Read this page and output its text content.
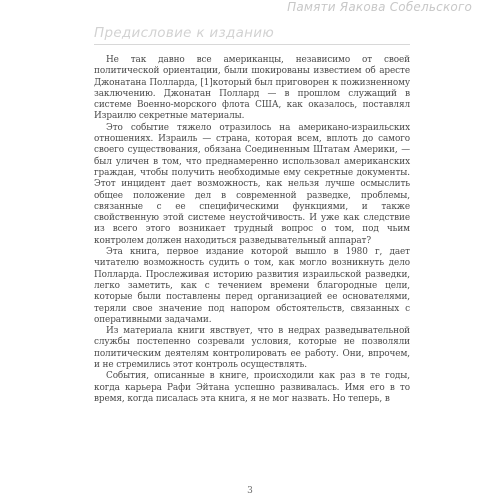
Памяти Яакова Собельского
Предисловие к изданию

Не так давно все американцы, независимо от своей политической ориентации, были шокированы известием об аресте Джонатана Полларда, [1]который был приговорен к пожизненному заключению. Джонатан Поллард — в прошлом служащий в системе Военно-морского флота США, как оказалось, поставлял Израилю секретные материалы.

Это событие тяжело отразилось на американо-израильских отношениях. Израиль — страна, которая всем, вплоть до самого своего существования, обязана Соединенным Штатам Америки, — был уличен в том, что преднамеренно использовал американских граждан, чтобы получить необходимые ему секретные документы. Этот инцидент дает возможность, как нельзя лучше осмыслить общее положение дел в современной разведке, проблемы, связанные с ее специфическими функциями, и также свойственную этой системе неустойчивость. И уже как следствие из всего этого возникает трудный вопрос о том, под чьим контролем должен находиться разведывательный аппарат?

Эта книга, первое издание которой вышло в 1980 г, дает читателю возможность судить о том, как могло возникнуть дело Полларда. Прослеживая историю развития израильской разведки, легко заметить, как с течением времени благородные цели, которые были поставлены перед организацией ее основателями, теряли свое значение под напором обстоятельств, связанных с оперативными задачами.

Из материала книги явствует, что в недрах разведывательной службы постепенно созревали условия, которые не позволяли политическим деятелям контролировать ее работу. Они, впрочем, и не стремились этот контроль осуществлять.

События, описанные в книге, происходили как раз в те годы, когда карьера Рафи Эйтана успешно развивалась. Имя его в то время, когда писалась эта книга, я не мог назвать. Но теперь, в

3
